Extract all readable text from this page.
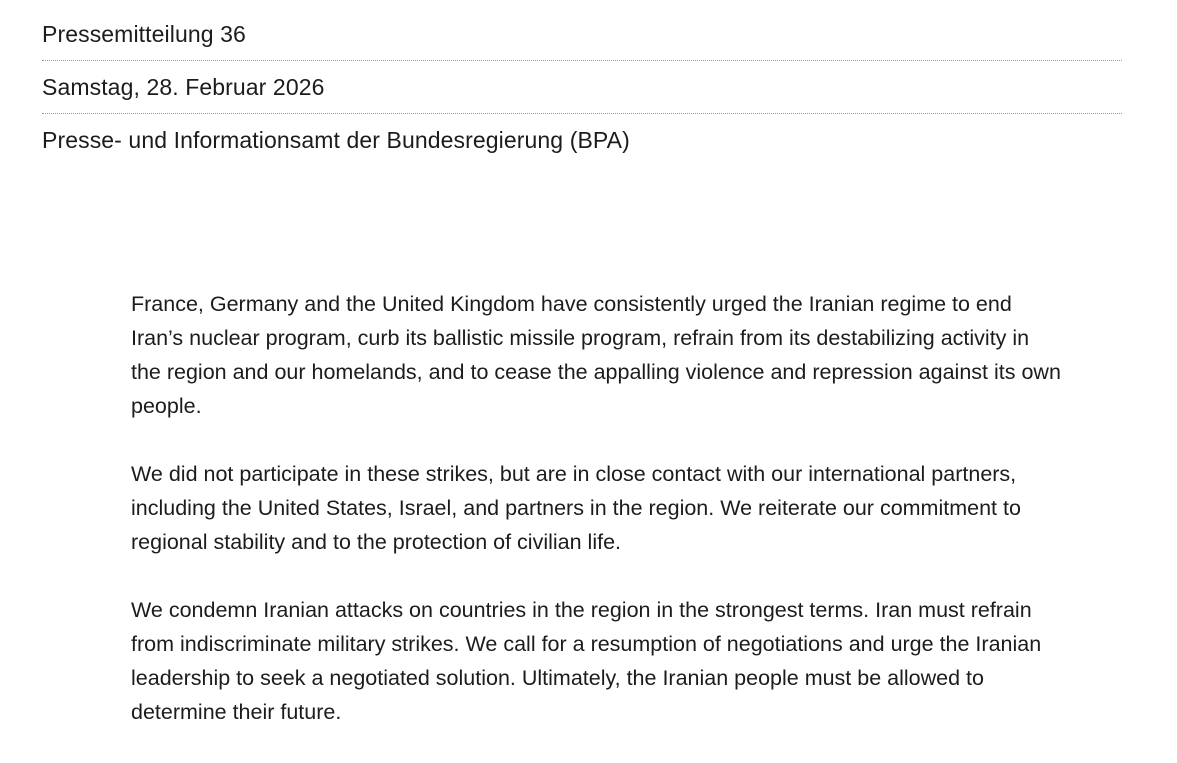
Pressemitteilung 36
Samstag, 28. Februar 2026
Presse- und Informationsamt der Bundesregierung (BPA)

France, Germany and the United Kingdom have consistently urged the Iranian regime to end Iran’s nuclear program, curb its ballistic missile program, refrain from its destabilizing activity in the region and our homelands, and to cease the appalling violence and repression against its own people.

We did not participate in these strikes, but are in close contact with our international partners, including the United States, Israel, and partners in the region. We reiterate our commitment to regional stability and to the protection of civilian life.

We condemn Iranian attacks on countries in the region in the strongest terms. Iran must refrain from indiscriminate military strikes. We call for a resumption of negotiations and urge the Iranian leadership to seek a negotiated solution. Ultimately, the Iranian people must be allowed to determine their future.
